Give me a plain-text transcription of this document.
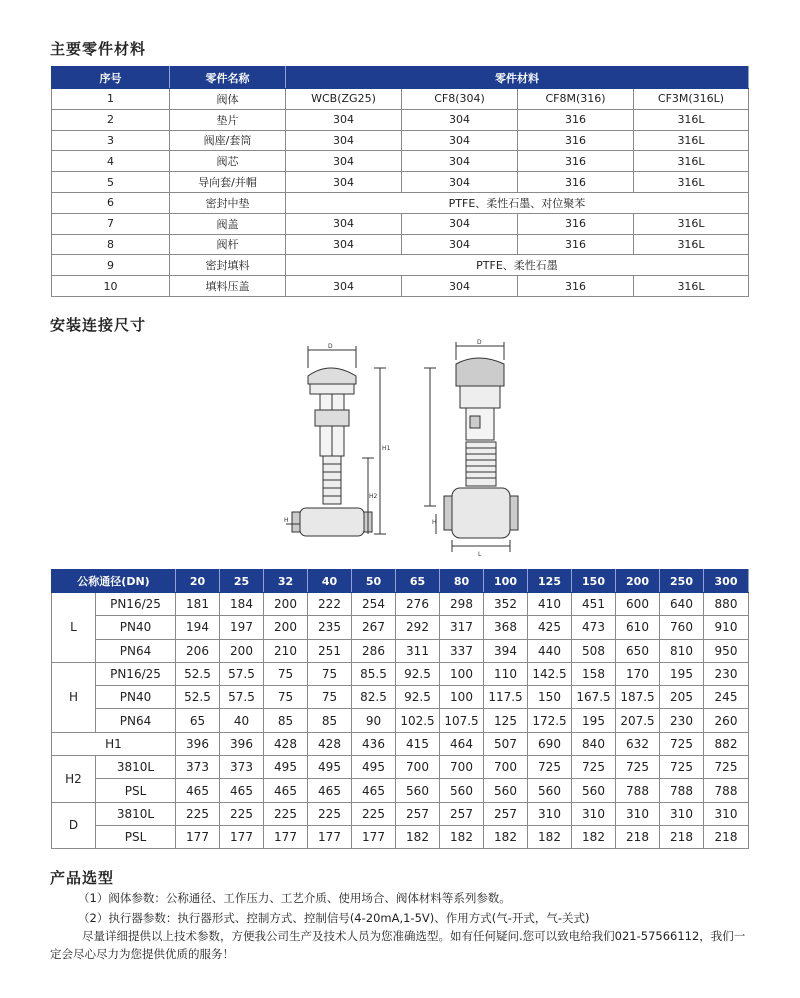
主要零件材料
序号	零件名称	零件材料			
1	阀体	WCB(ZG25)	CF8(304)	CF8M(316)	CF3M(316L)
2	垫片	304	304	316	316L
3	阀座/套筒	304	304	316	316L
4	阀芯	304	304	316	316L
5	导向套/并帽	304	304	316	316L
6	密封中垫	PTFE、柔性石墨、对位聚苯			
7	阀盖	304	304	316	316L
8	阀杆	304	304	316	316L
9	密封填料	PTFE、柔性石墨			
10	填料压盖	304	304	316	316L
安装连接尺寸
D
H1
H2
H
D
H
L
公称通径(DN)		20	25	32	40	50	65	80	100	125	150	200	250	300
L	PN16/25	181	184	200	222	254	276	298	352	410	451	600	640	880
	PN40	194	197	200	235	267	292	317	368	425	473	610	760	910
	PN64	206	200	210	251	286	311	337	394	440	508	650	810	950
H	PN16/25	52.5	57.5	75	75	85.5	92.5	100	110	142.5	158	170	195	230
	PN40	52.5	57.5	75	75	82.5	92.5	100	117.5	150	167.5	187.5	205	245
	PN64	65	40	85	85	90	102.5	107.5	125	172.5	195	207.5	230	260
H1		396	396	428	428	436	415	464	507	690	840	632	725	882
H2	3810L	373	373	495	495	495	700	700	700	725	725	725	725	725
	PSL	465	465	465	465	465	560	560	560	560	560	788	788	788
D	3810L	225	225	225	225	225	257	257	257	310	310	310	310	310
	PSL	177	177	177	177	177	182	182	182	182	182	218	218	218
产品选型
（1）阀体参数：公称通径、工作压力、工艺介质、使用场合、阀体材料等系列参数。
（2）执行器参数：执行器形式、控制方式、控制信号(4-20mA,1-5V)、作用方式(气-开式，气-关式)
尽量详细提供以上技术参数，方便我公司生产及技术人员为您准确选型。如有任何疑问.您可以致电给我们021-57566112，我们一
定会尽心尽力为您提供优质的服务！
